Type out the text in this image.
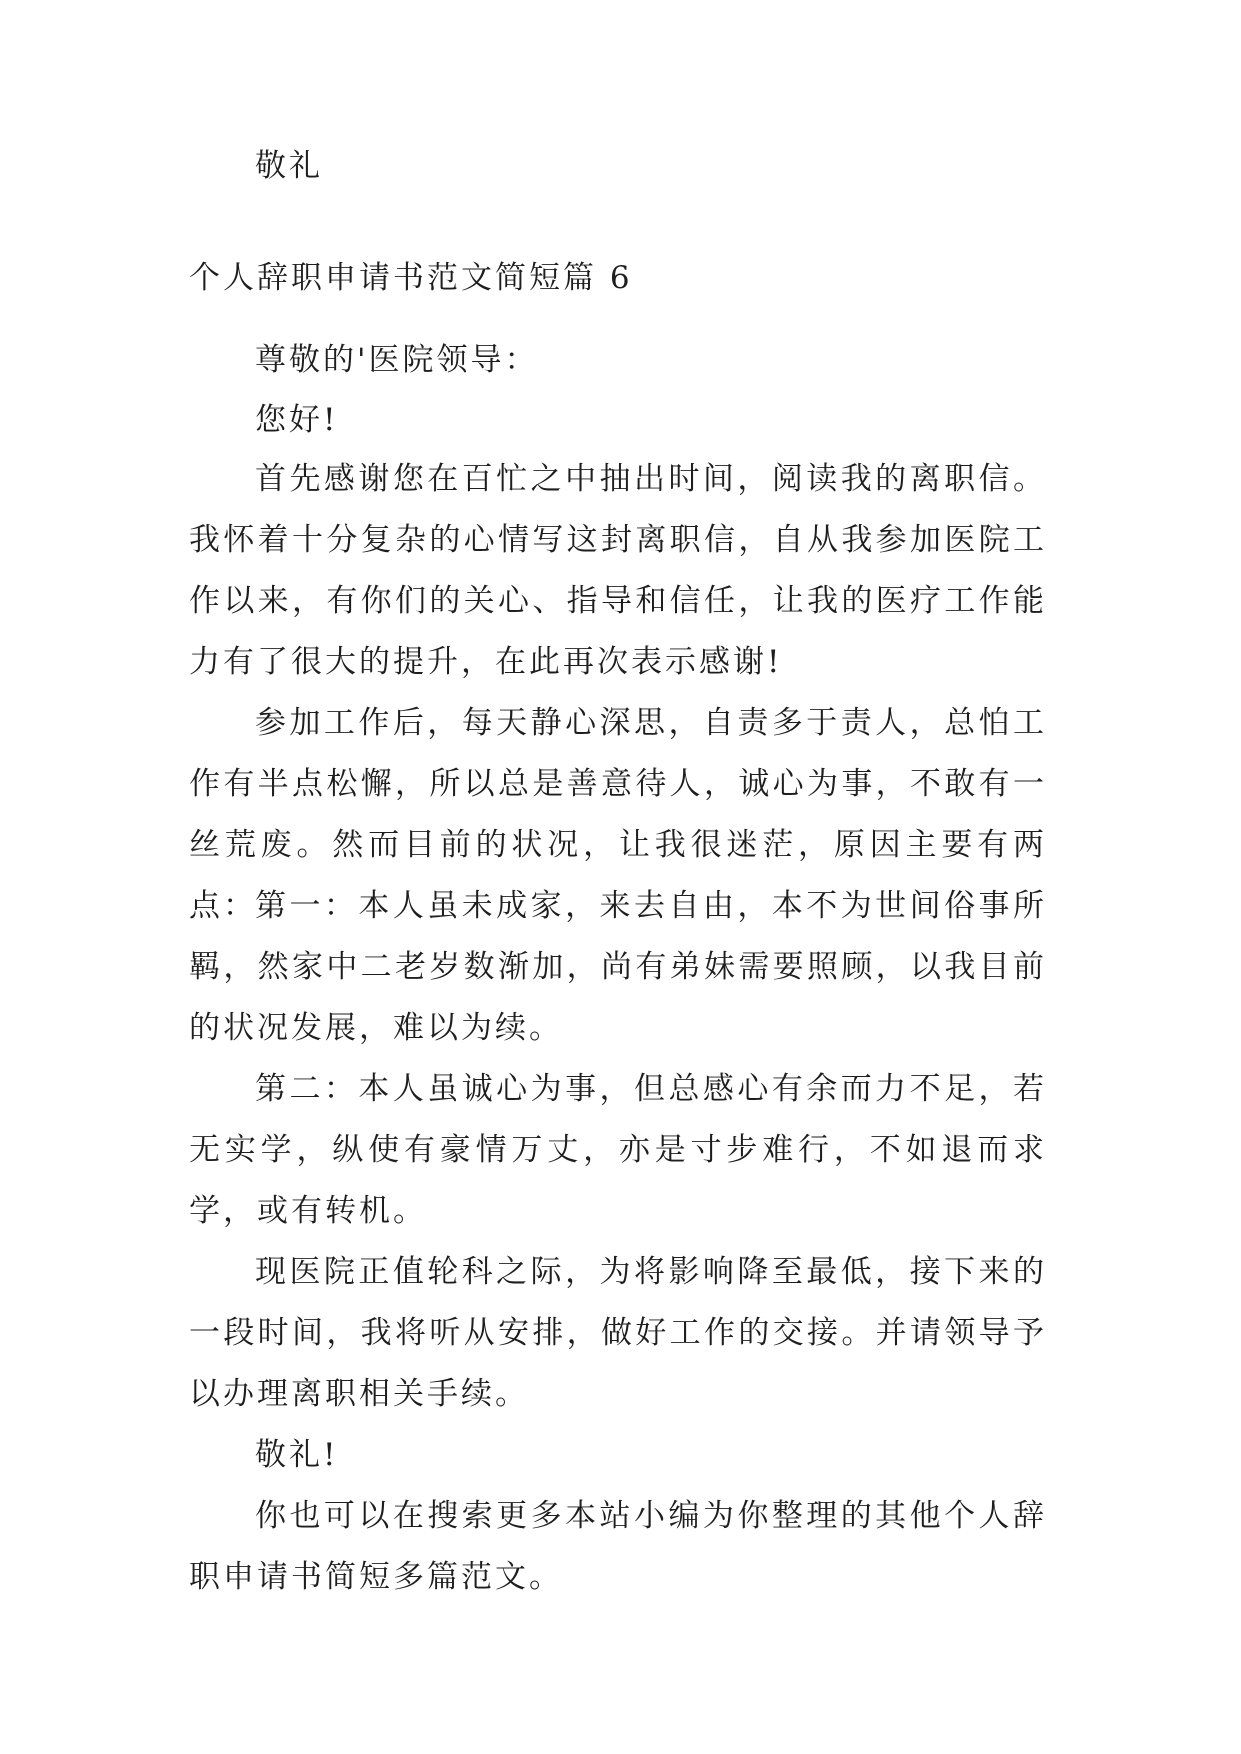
敬礼

个人辞职申请书范文简短篇 6

尊敬的'医院领导：

您好!

首先感谢您在百忙之中抽出时间，阅读我的离职信。我怀着十分复杂的心情写这封离职信，自从我参加医院工作以来，有你们的关心、指导和信任，让我的医疗工作能力有了很大的提升，在此再次表示感谢!

参加工作后，每天静心深思，自责多于责人，总怕工作有半点松懈，所以总是善意待人，诚心为事，不敢有一丝荒废。然而目前的状况，让我很迷茫，原因主要有两点：

第一：本人虽未成家，来去自由，本不为世间俗事所羁，然家中二老岁数渐加，尚有弟妹需要照顾，以我目前的状况发展，难以为续。

第二：本人虽诚心为事，但总感心有余而力不足，若无实学，纵使有豪情万丈，亦是寸步难行，不如退而求学，或有转机。

现医院正值轮科之际，为将影响降至最低，接下来的一段时间，我将听从安排，做好工作的交接。并请领导予以办理离职相关手续。

敬礼!

你也可以在搜索更多本站小编为你整理的其他个人辞职申请书简短多篇范文。
